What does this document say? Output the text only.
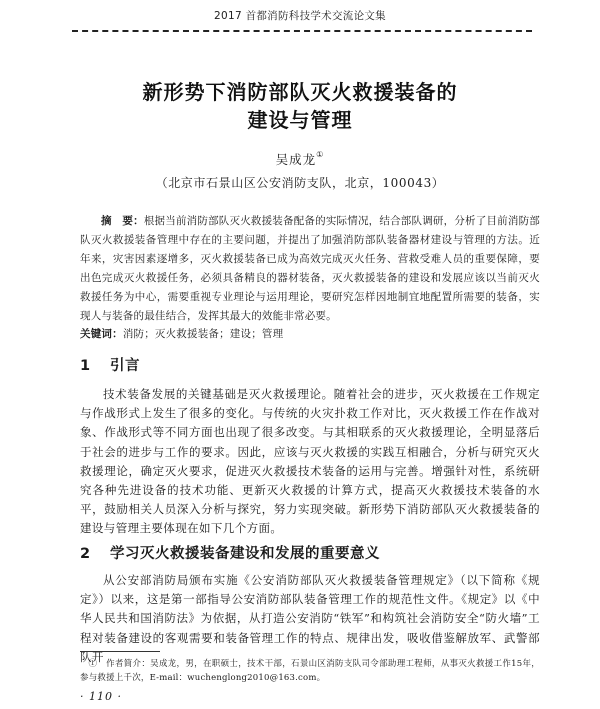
2017 首都消防科技学术交流论文集
新形势下消防部队灭火救援装备的
建设与管理
吴成龙①
（北京市石景山区公安消防支队，北京，100043）
摘　要：根据当前消防部队灭火救援装备配备的实际情况，结合部队调研，分析了目前消防部队灭火救援装备管理中存在的主要问题，并提出了加强消防部队装备器材建设与管理的方法。近年来，灾害因素逐增多，灭火救援装备已成为高效完成灭火任务、营救受难人员的重要保障，要出色完成灭火救援任务，必须具备精良的器材装备，灭火救援装备的建设和发展应该以当前灭火救援任务为中心，需要重视专业理论与运用理论，要研究怎样因地制宜地配置所需要的装备，实现人与装备的最佳结合，发挥其最大的效能非常必要。
关键词：消防；灭火救援装备；建设；管理
1 引言
技术装备发展的关键基础是灭火救援理论。随着社会的进步，灭火救援在工作规定与作战形式上发生了很多的变化。与传统的火灾扑救工作对比，灭火救援工作在作战对象、作战形式等不同方面也出现了很多改变。与其相联系的灭火救援理论，全明显落后于社会的进步与工作的要求。因此，应该与灭火救援的实践互相融合，分析与研究灭火救援理论，确定灭火要求，促进灭火救援技术装备的运用与完善。增强针对性，系统研究各种先进设备的技术功能、更新灭火救援的计算方式，提高灭火救援技术装备的水平，鼓励相关人员深入分析与探究，努力实现突破。新形势下消防部队灭火救援装备的建设与管理主要体现在如下几个方面。
2 学习灭火救援装备建设和发展的重要意义
从公安部消防局颁布实施《公安消防部队灭火救援装备管理规定》（以下简称《规定》）以来，这是第一部指导公安消防部队装备管理工作的规范性文件。《规定》以《中华人民共和国消防法》为依据，从打造公安消防“铁军”和构筑社会消防安全“防火墙”工程对装备建设的客观需要和装备管理工作的特点、规律出发，吸收借鉴解放军、武警部队开
①　作者简介：吴成龙，男，在职硕士，技术干部，石景山区消防支队司令部助理工程师，从事灭火救援工作15年，参与救援上千次，E-mail：wuchenglong2010@163.com。
· 110 ·
